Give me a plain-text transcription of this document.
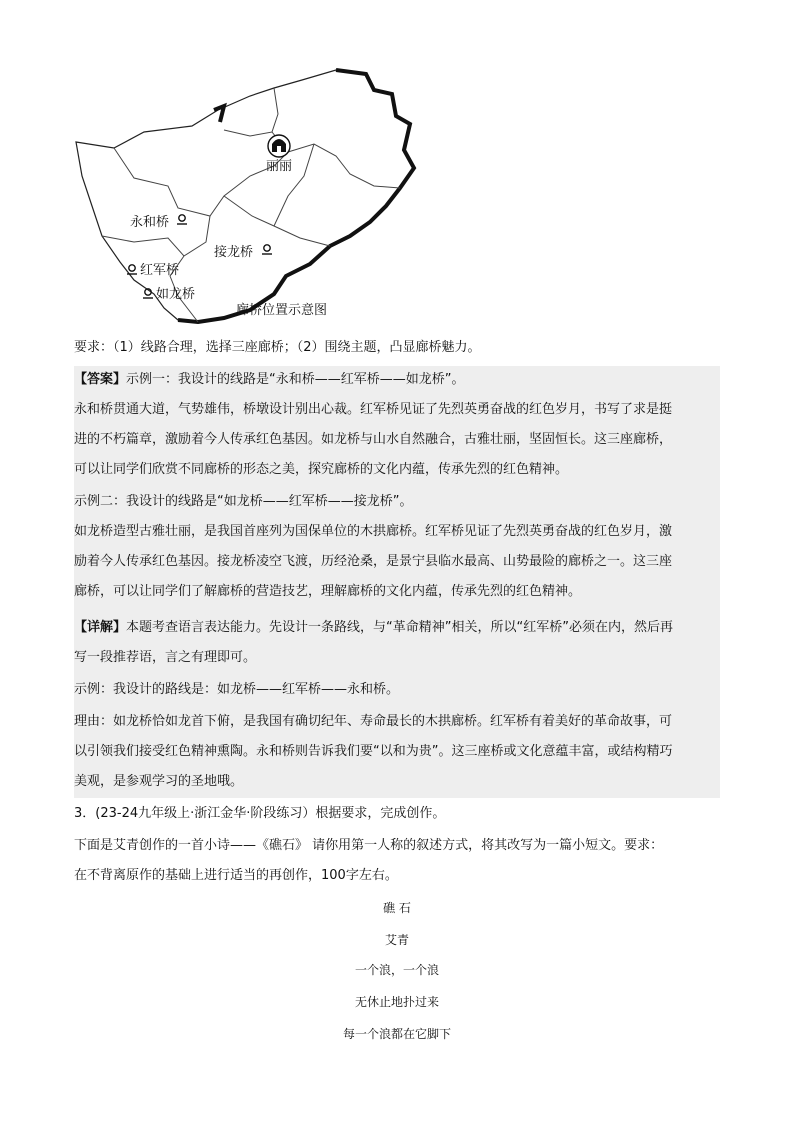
丽丽
永和桥
接龙桥
红军桥
如龙桥
廊桥位置示意图
要求：（1）线路合理，选择三座廊桥；（2）围绕主题，凸显廊桥魅力。
【答案】示例一：我设计的线路是“永和桥——红军桥——如龙桥”。
永和桥贯通大道，气势雄伟，桥墩设计别出心裁。红军桥见证了先烈英勇奋战的红色岁月，书写了求是挺
进的不朽篇章，激励着今人传承红色基因。如龙桥与山水自然融合，古雅壮丽，坚固恒长。这三座廊桥，
可以让同学们欣赏不同廊桥的形态之美，探究廊桥的文化内蕴，传承先烈的红色精神。
示例二：我设计的线路是“如龙桥——红军桥——接龙桥”。
如龙桥造型古雅壮丽，是我国首座列为国保单位的木拱廊桥。红军桥见证了先烈英勇奋战的红色岁月，激
励着今人传承红色基因。接龙桥凌空飞渡，历经沧桑，是景宁县临水最高、山势最险的廊桥之一。这三座
廊桥，可以让同学们了解廊桥的营造技艺，理解廊桥的文化内蕴，传承先烈的红色精神。
【详解】本题考查语言表达能力。先设计一条路线，与“革命精神”相关，所以“红军桥”必须在内，然后再
写一段推荐语，言之有理即可。
示例：我设计的路线是：如龙桥——红军桥——永和桥。
理由：如龙桥恰如龙首下俯，是我国有确切纪年、寿命最长的木拱廊桥。红军桥有着美好的革命故事，可
以引领我们接受红色精神熏陶。永和桥则告诉我们要“以和为贵”。这三座桥或文化意蕴丰富，或结构精巧
美观，是参观学习的圣地哦。
3．(23-24九年级上·浙江金华·阶段练习）根据要求，完成创作。
下面是艾青创作的一首小诗——《礁石》 请你用第一人称的叙述方式，将其改写为一篇小短文。要求：
在不背离原作的基础上进行适当的再创作，100字左右。
礁 石
艾青
一个浪，一个浪
无休止地扑过来
每一个浪都在它脚下
